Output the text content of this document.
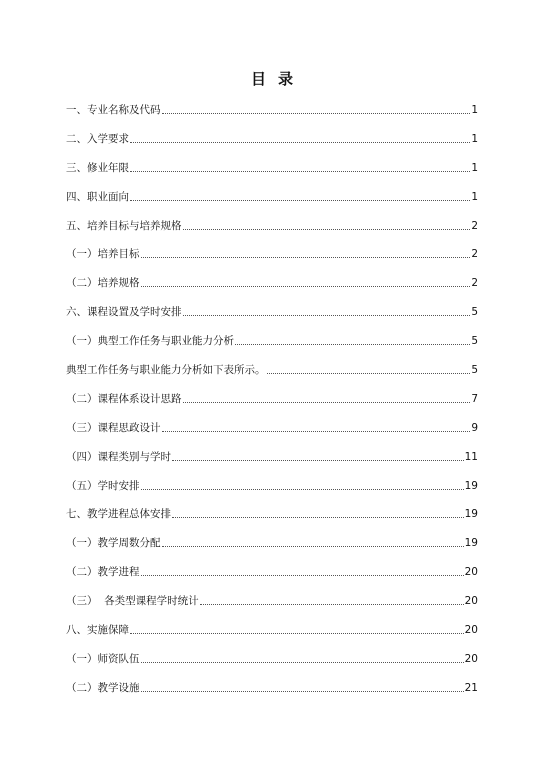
目 录
一、专业名称及代码	1
二、入学要求	1
三、修业年限	1
四、职业面向	1
五、培养目标与培养规格	2
（一）培养目标	2
（二）培养规格	2
六、课程设置及学时安排	5
（一）典型工作任务与职业能力分析	5
典型工作任务与职业能力分析如下表所示。	5
（二）课程体系设计思路	7
（三）课程思政设计	9
（四）课程类别与学时	11
（五）学时安排	19
七、教学进程总体安排	19
（一）教学周数分配	19
（二）教学进程	20
（三）  各类型课程学时统计	20
八、实施保障	20
（一）师资队伍	20
（二）教学设施	21
